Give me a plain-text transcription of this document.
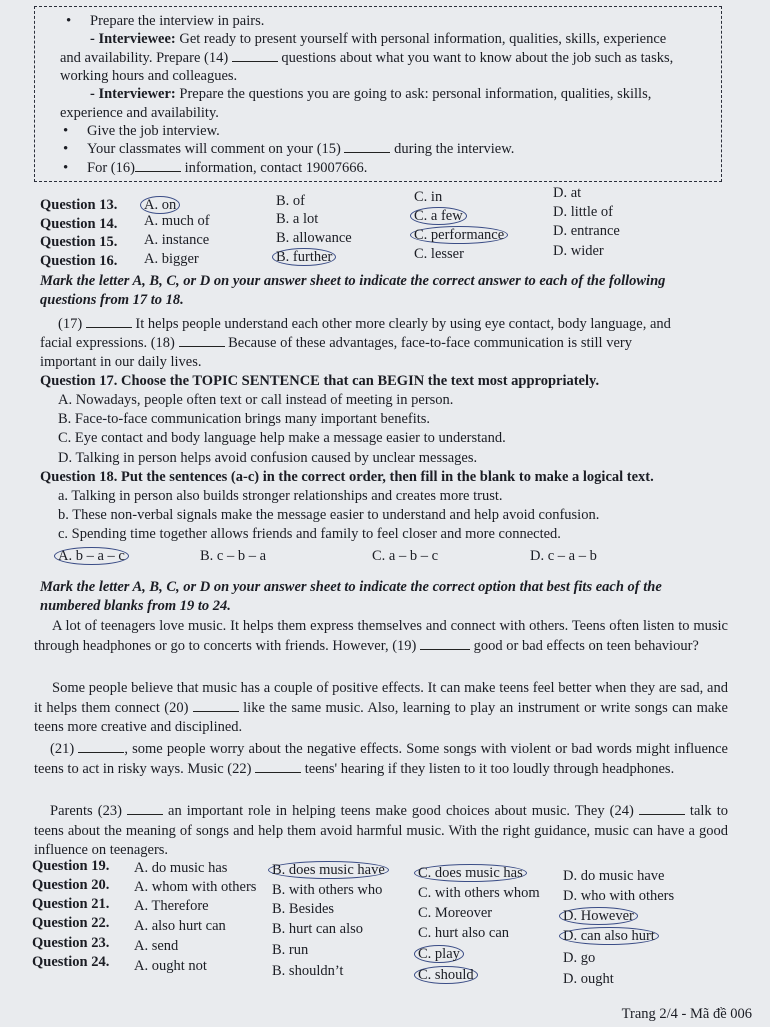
• Prepare the interview in pairs.
- Interviewee: Get ready to present yourself with personal information, qualities, skills, experience
and availability. Prepare (14)	questions about what you want to know about the job such as tasks,
working hours and colleagues.
- Interviewer: Prepare the questions you are going to ask: personal information, qualities, skills,
experience and availability.
• Give the job interview.
• Your classmates will comment on your (15)	during the interview.
• For (16)	information, contact 19007666.
Question 13. A. on	B. of	C. in	D. at
Question 14. A. much of	B. a lot	C. a few	D. little of
Question 15. A. instance	B. allowance	C. performance	D. entrance
Question 16. A. bigger	B. further	C. lesser	D. wider
Mark the letter A, B, C, or D on your answer sheet to indicate the correct answer to each of the following
questions from 17 to 18.
(17)	It helps people understand each other more clearly by using eye contact, body language, and
facial expressions. (18)	Because of these advantages, face-to-face communication is still very
important in our daily lives.
Question 17. Choose the TOPIC SENTENCE that can BEGIN the text most appropriately.
A. Nowadays, people often text or call instead of meeting in person.
B. Face-to-face communication brings many important benefits.
C. Eye contact and body language help make a message easier to understand.
D. Talking in person helps avoid confusion caused by unclear messages.
Question 18. Put the sentences (a-c) in the correct order, then fill in the blank to make a logical text.
a. Talking in person also builds stronger relationships and creates more trust.
b. These non-verbal signals make the message easier to understand and help avoid confusion.
c. Spending time together allows friends and family to feel closer and more connected.
A. b – a – c	B. c – b – a	C. a – b – c	D. c – a – b
Mark the letter A, B, C, or D on your answer sheet to indicate the correct option that best fits each of the
numbered blanks from 19 to 24.
A lot of teenagers love music. It helps them express themselves and connect with others. Teens often listen to music through headphones or go to concerts with friends. However, (19)	good or bad effects on teen behaviour?
Some people believe that music has a couple of positive effects. It can make teens feel better when they are sad, and it helps them connect (20)	like the same music. Also, learning to play an instrument or write songs can make teens more creative and disciplined.
(21)	, some people worry about the negative effects. Some songs with violent or bad words might influence teens to act in risky ways. Music (22)	teens' hearing if they listen to it too loudly through headphones.
Parents (23)  an important role in helping teens make good choices about music. They (24)	talk to teens about the meaning of songs and help them avoid harmful music. With the right guidance, music can have a good influence on teenagers.
Question 19. A. do music has	B. does music have C. does music has	D. do music have
Question 20. A. whom with others B. with others who C. with others whom D. who with others
Question 21. A. Therefore	B. Besides	C. Moreover	D. However
Question 22. A. also hurt can	B. hurt can also	C. hurt also can	D. can also hurt
Question 23. A. send	B. run	C. play	D. go
Question 24. A. ought not	B. shouldn’t	C. should	D. ought
Trang 2/4 - Mã đề 006
